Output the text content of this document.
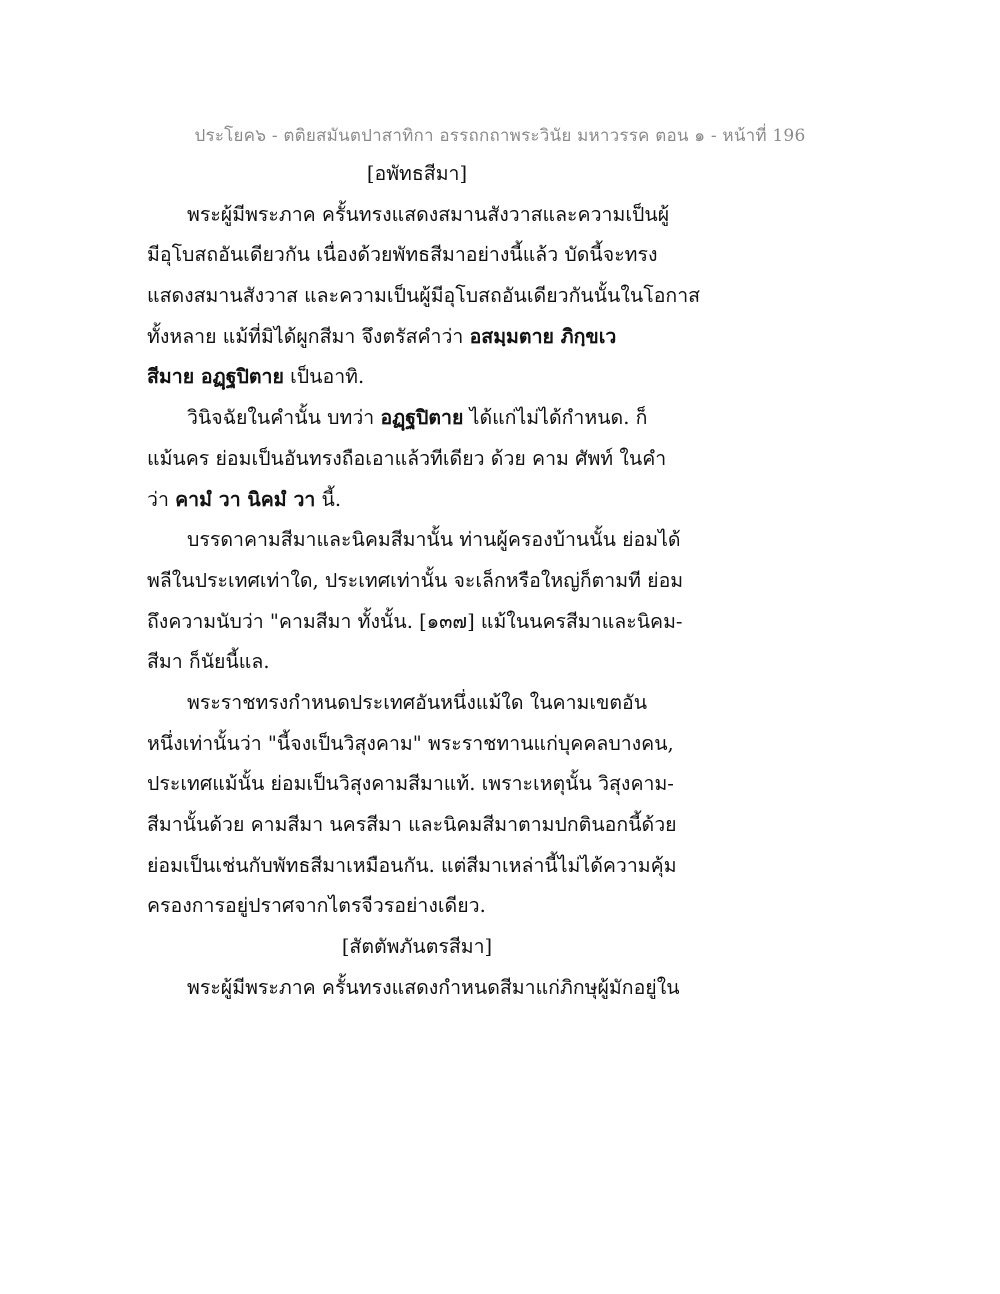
ประโยค๖ - ตติยสมันตปาสาทิกา อรรถกถาพระวินัย มหาวรรค ตอน ๑ - หน้าที่ 196
[อพัทธสีมา]
พระผู้มีพระภาค ครั้นทรงแสดงสมานสังวาสและความเป็นผู้
มีอุโบสถอันเดียวกัน เนื่องด้วยพัทธสีมาอย่างนี้แล้ว บัดนี้จะทรง
แสดงสมานสังวาส และความเป็นผู้มีอุโบสถอันเดียวกันนั้นในโอกาส
ทั้งหลาย แม้ที่มิได้ผูกสีมา จึงตรัสคำว่า อสมฺมตาย ภิกฺขเว
สีมาย อฏฺฐปิตาย เป็นอาทิ.
วินิจฉัยในคำนั้น บทว่า อฏฺฐปิตาย ได้แก่ไม่ได้กำหนด. ก็
แม้นคร ย่อมเป็นอันทรงถือเอาแล้วทีเดียว ด้วย คาม ศัพท์ ในคำ
ว่า คามํ วา นิคมํ วา นี้.
บรรดาคามสีมาและนิคมสีมานั้น ท่านผู้ครองบ้านนั้น ย่อมได้
พลีในประเทศเท่าใด, ประเทศเท่านั้น จะเล็กหรือใหญ่ก็ตามที ย่อม
ถึงความนับว่า "คามสีมา ทั้งนั้น. [๑๓๗] แม้ในนครสีมาและนิคม-
สีมา ก็นัยนี้แล.
พระราชทรงกำหนดประเทศอันหนึ่งแม้ใด ในคามเขตอัน
หนึ่งเท่านั้นว่า "นี้จงเป็นวิสุงคาม" พระราชทานแก่บุคคลบางคน,
ประเทศแม้นั้น ย่อมเป็นวิสุงคามสีมาแท้. เพราะเหตุนั้น วิสุงคาม-
สีมานั้นด้วย คามสีมา นครสีมา และนิคมสีมาตามปกตินอกนี้ด้วย
ย่อมเป็นเช่นกับพัทธสีมาเหมือนกัน. แต่สีมาเหล่านี้ไม่ได้ความคุ้ม
ครองการอยู่ปราศจากไตรจีวรอย่างเดียว.
[สัตตัพภันตรสีมา]
พระผู้มีพระภาค ครั้นทรงแสดงกำหนดสีมาแก่ภิกษุผู้มักอยู่ใน
